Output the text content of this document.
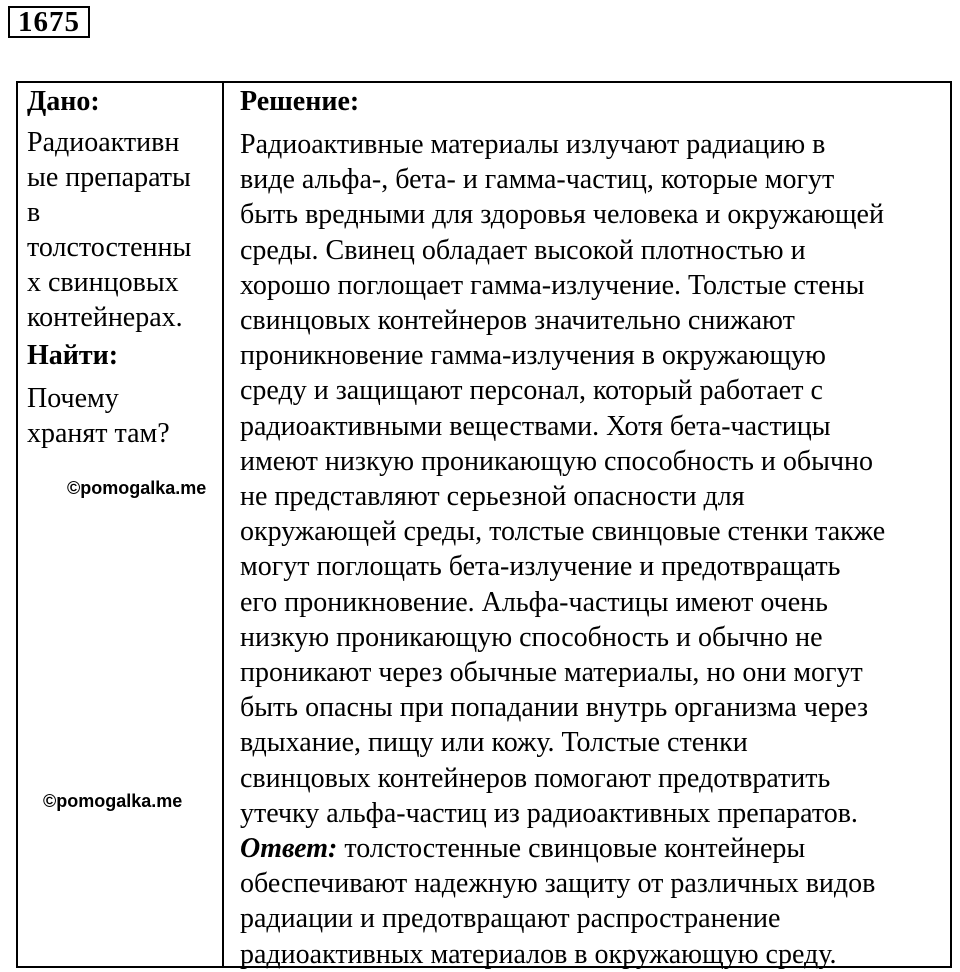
1675

Дано:

Радиоактивн
ые препараты
в
толстостенны
х свинцовых
контейнерах.

Найти:

Почему
хранят там?

©pomogalka.me
©pomogalka.me

Решение:

Радиоактивные материалы излучают радиацию в
виде альфа-, бета- и гамма-частиц, которые могут
быть вредными для здоровья человека и окружающей
среды. Свинец обладает высокой плотностью и
хорошо поглощает гамма-излучение. Толстые стены
свинцовых контейнеров значительно снижают
проникновение гамма-излучения в окружающую
среду и защищают персонал, который работает с
радиоактивными веществами. Хотя бета-частицы
имеют низкую проникающую способность и обычно
не представляют серьезной опасности для
окружающей среды, толстые свинцовые стенки также
могут поглощать бета-излучение и предотвращать
его проникновение. Альфа-частицы имеют очень
низкую проникающую способность и обычно не
проникают через обычные материалы, но они могут
быть опасны при попадании внутрь организма через
вдыхание, пищу или кожу. Толстые стенки
свинцовых контейнеров помогают предотвратить
утечку альфа-частиц из радиоактивных препаратов.
Ответ: толстостенные свинцовые контейнеры
обеспечивают надежную защиту от различных видов
радиации и предотвращают распространение
радиоактивных материалов в окружающую среду.
